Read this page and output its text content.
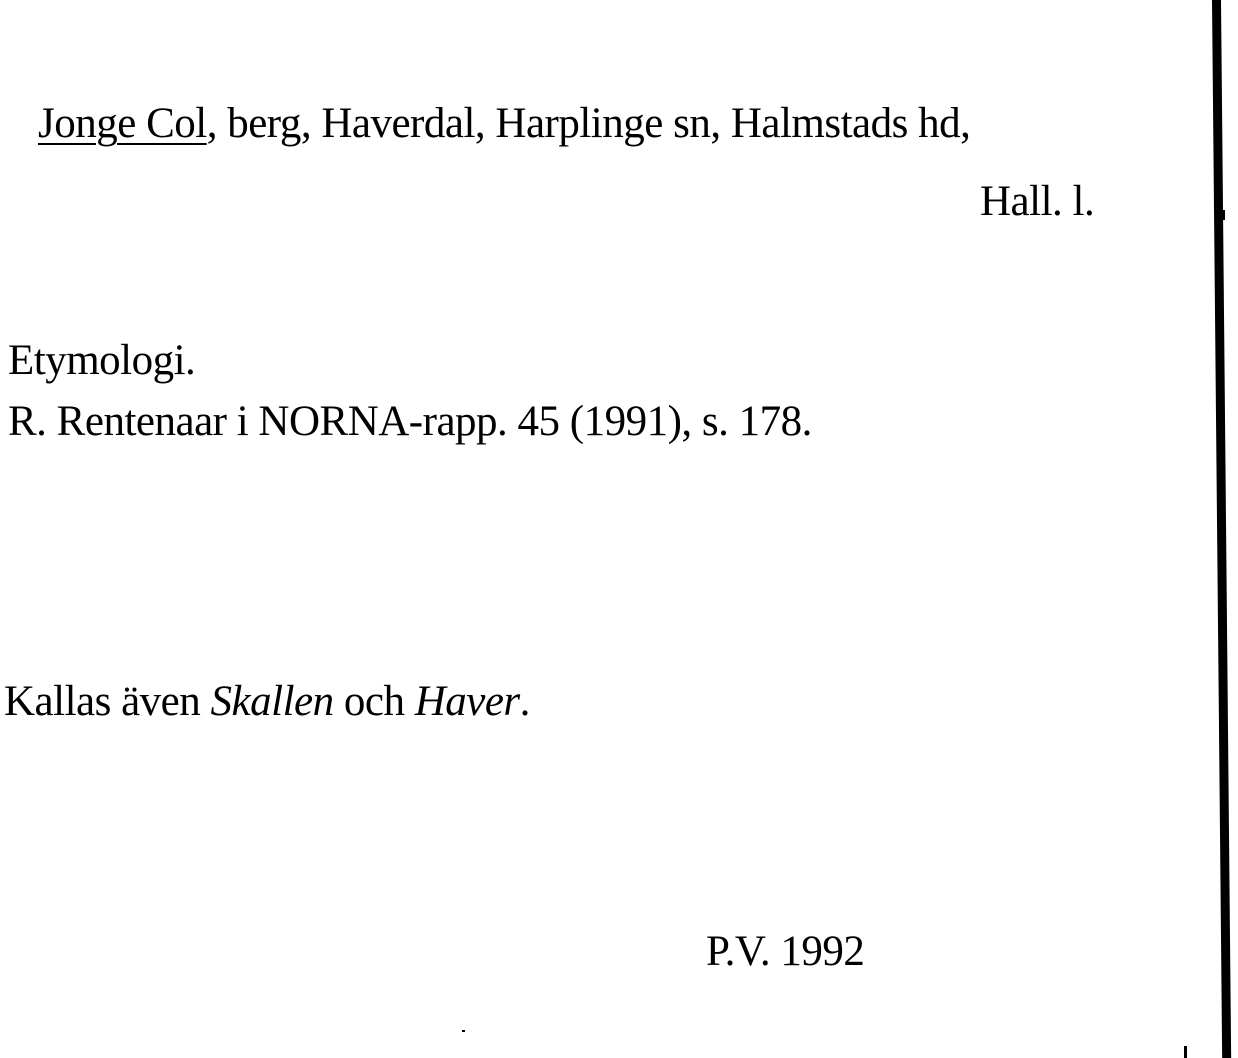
Jonge Col, berg, Haverdal, Harplinge sn, Halmstads hd,
Hall. l.
Etymologi.
R. Rentenaar i NORNA-rapp. 45 (1991), s. 178.
Kallas även Skallen och Haver.
P.V. 1992
